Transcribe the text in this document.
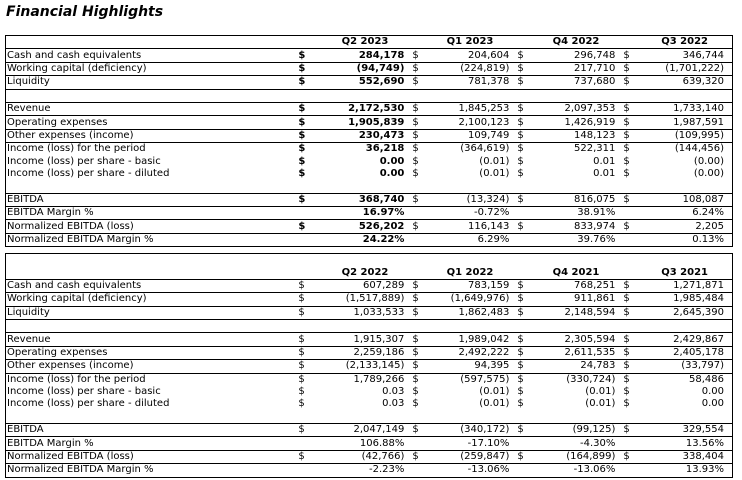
Financial Highlights
		Q2 2023		Q1 2023		Q4 2022		Q3 2022
Cash and cash equivalents	$	284,178	$	204,604	$	296,748	$	346,744
Working capital (deficiency)	$	(94,749)	$	(224,819)	$	217,710	$	(1,701,222)
Liquidity	$	552,690	$	781,378	$	737,680	$	639,320

Revenue	$	2,172,530	$	1,845,253	$	2,097,353	$	1,733,140
Operating expenses	$	1,905,839	$	2,100,123	$	1,426,919	$	1,987,591
Other expenses (income)	$	230,473	$	109,749	$	148,123	$	(109,995)
Income (loss) for the period	$	36,218	$	(364,619)	$	522,311	$	(144,456)
Income (loss) per share - basic	$	0.00	$	(0.01)	$	0.01	$	(0.00)
Income (loss) per share - diluted	$	0.00	$	(0.01)	$	0.01	$	(0.00)

EBITDA	$	368,740	$	(13,324)	$	816,075	$	108,087
EBITDA Margin %		16.97%		-0.72%		38.91%		6.24%
Normalized EBITDA (loss)	$	526,202	$	116,143	$	833,974	$	2,205
Normalized EBITDA Margin %		24.22%		6.29%		39.76%		0.13%

		Q2 2022		Q1 2022		Q4 2021		Q3 2021
Cash and cash equivalents	$	607,289	$	783,159	$	768,251	$	1,271,871
Working capital (deficiency)	$	(1,517,889)	$	(1,649,976)	$	911,861	$	1,985,484
Liquidity	$	1,033,533	$	1,862,483	$	2,148,594	$	2,645,390

Revenue	$	1,915,307	$	1,989,042	$	2,305,594	$	2,429,867
Operating expenses	$	2,259,186	$	2,492,222	$	2,611,535	$	2,405,178
Other expenses (income)	$	(2,133,145)	$	94,395	$	24,783	$	(33,797)
Income (loss) for the period	$	1,789,266	$	(597,575)	$	(330,724)	$	58,486
Income (loss) per share - basic	$	0.03	$	(0.01)	$	(0.01)	$	0.00
Income (loss) per share - diluted	$	0.03	$	(0.01)	$	(0.01)	$	0.00

EBITDA	$	2,047,149	$	(340,172)	$	(99,125)	$	329,554
EBITDA Margin %		106.88%		-17.10%		-4.30%		13.56%
Normalized EBITDA (loss)	$	(42,766)	$	(259,847)	$	(164,899)	$	338,404
Normalized EBITDA Margin %		-2.23%		-13.06%		-13.06%		13.93%
